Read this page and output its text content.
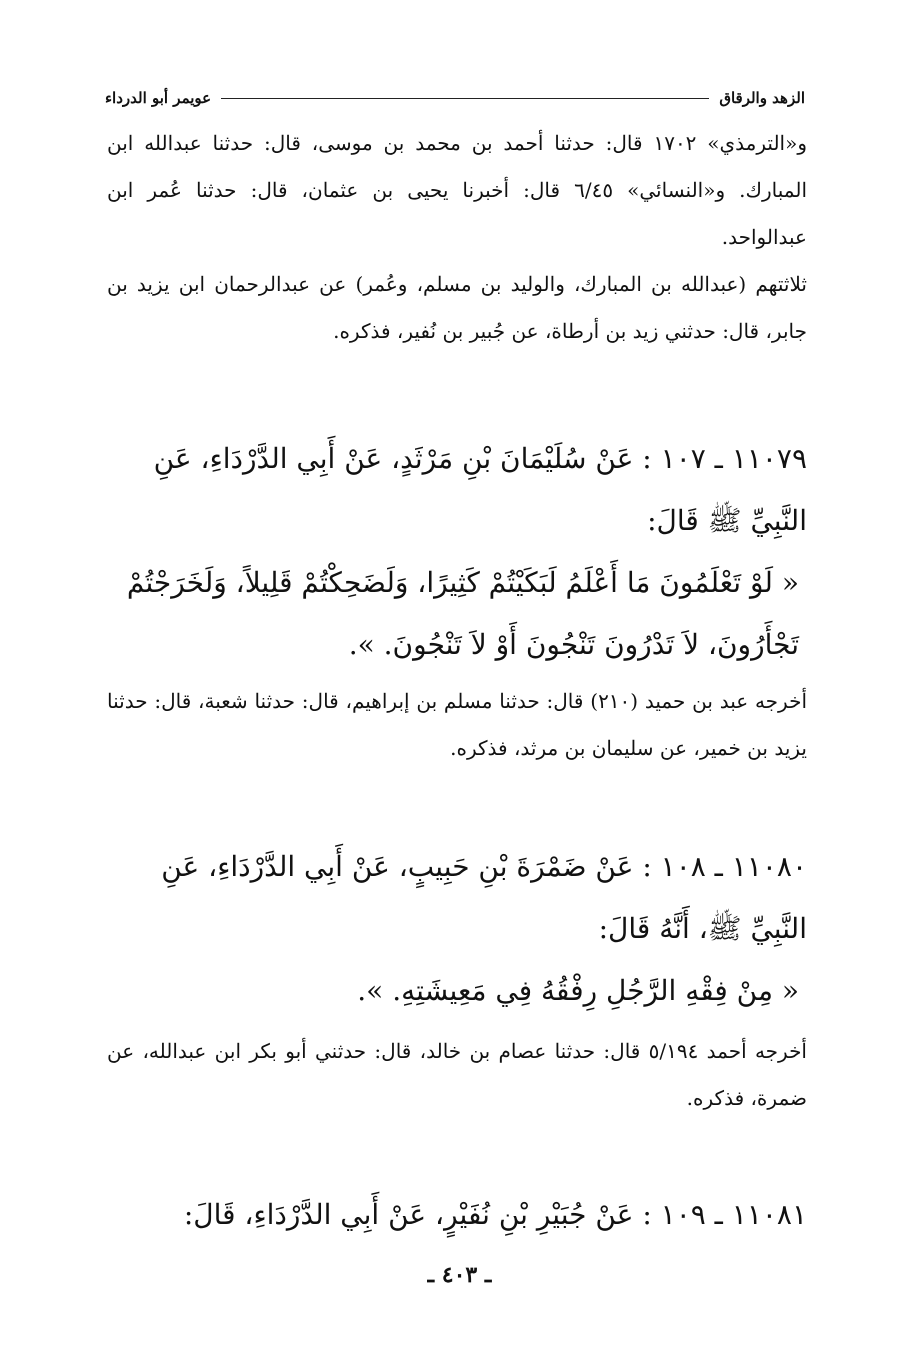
الزهد والرقاق
عويمر أبو الدرداء

و«الترمذي» ١٧٠٢ قال: حدثنا أحمد بن محمد بن موسى، قال: حدثنا عبدالله ابن المبارك. و«النسائي» ٦/٤٥ قال: أخبرنا يحيى بن عثمان، قال: حدثنا عُمر ابن عبدالواحد.

ثلاثتهم (عبدالله بن المبارك، والوليد بن مسلم، وعُمر) عن عبدالرحمان ابن يزيد بن جابر، قال: حدثني زيد بن أرطاة، عن جُبير بن نُفير، فذكره.

١١٠٧٩ ـ ١٠٧ : عَنْ سُلَيْمَانَ بْنِ مَرْثَدٍ، عَنْ أَبِي الدَّرْدَاءِ، عَنِ النَّبِيِّ ﷺ قَالَ:

« لَوْ تَعْلَمُونَ مَا أَعْلَمُ لَبَكَيْتُمْ كَثِيرًا، وَلَضَحِكْتُمْ قَلِيلاً، وَلَخَرَجْتُمْ تَجْأَرُونَ، لاَ تَدْرُونَ تَنْجُونَ أَوْ لاَ تَنْجُونَ. ».

أخرجه عبد بن حميد (٢١٠) قال: حدثنا مسلم بن إبراهيم، قال: حدثنا شعبة، قال: حدثنا يزيد بن خمير، عن سليمان بن مرثد، فذكره.

١١٠٨٠ ـ ١٠٨ : عَنْ ضَمْرَةَ بْنِ حَبِيبٍ، عَنْ أَبِي الدَّرْدَاءِ، عَنِ النَّبِيِّ ﷺ، أَنَّهُ قَالَ:

« مِنْ فِقْهِ الرَّجُلِ رِفْقُهُ فِي مَعِيشَتِهِ. ».

أخرجه أحمد ٥/١٩٤ قال: حدثنا عصام بن خالد، قال: حدثني أبو بكر ابن عبدالله، عن ضمرة، فذكره.

١١٠٨١ ـ ١٠٩ : عَنْ جُبَيْرِ بْنِ نُفَيْرٍ، عَنْ أَبِي الدَّرْدَاءِ، قَالَ:

ـ ٤٠٣ ـ
